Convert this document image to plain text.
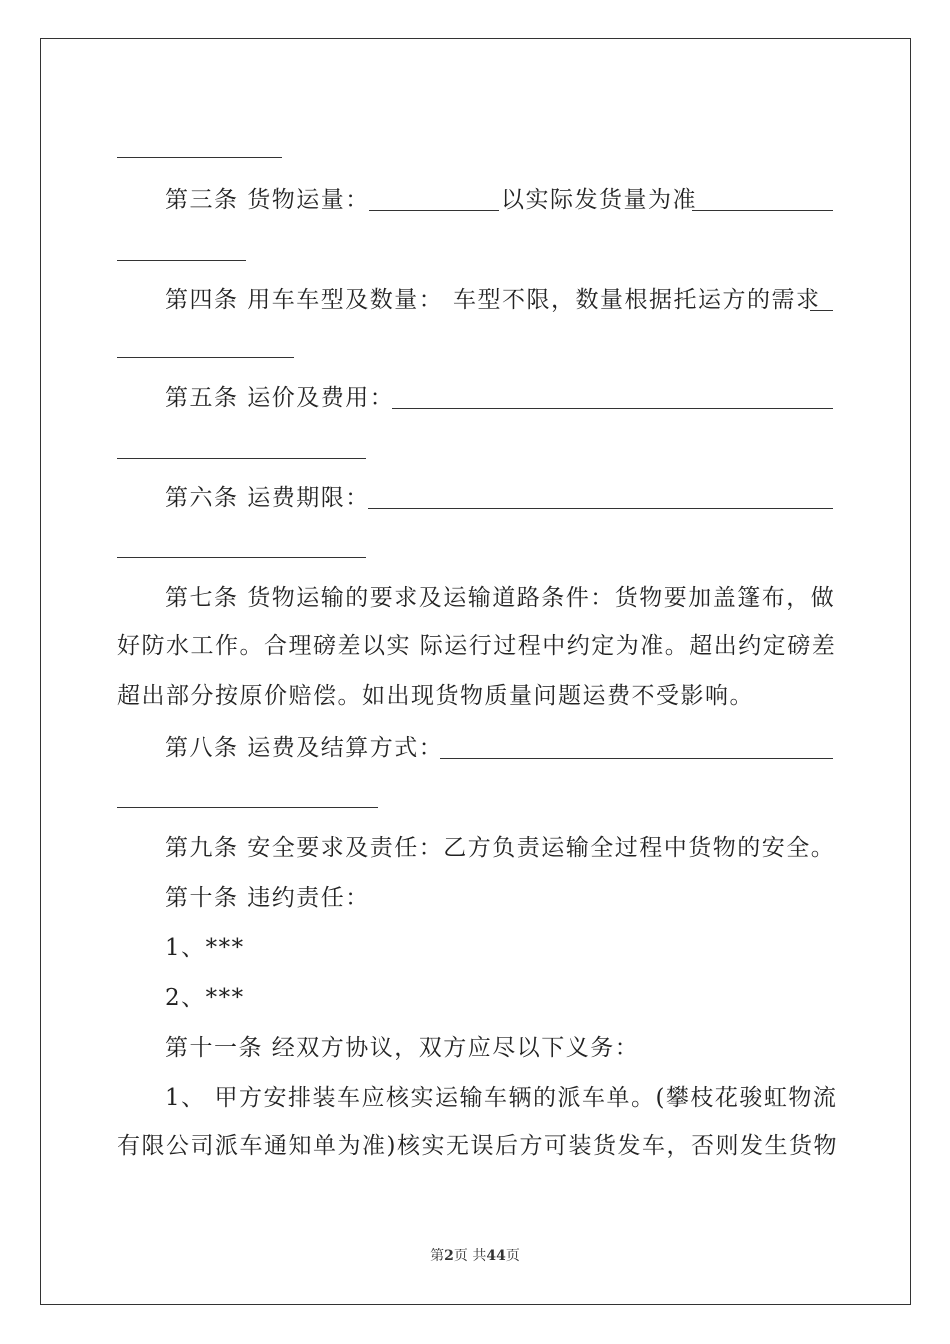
第三条 货物运量：	以实际发货量为准
第四条 用车车型及数量： 车型不限，数量根据托运方的需求
第五条 运价及费用：
第六条 运费期限：
第七条 货物运输的要求及运输道路条件：货物要加盖篷布，做
好防水工作。合理磅差以实 际运行过程中约定为准。超出约定磅差
超出部分按原价赔偿。如出现货物质量问题运费不受影响。
第八条 运费及结算方式：
第九条 安全要求及责任：乙方负责运输全过程中货物的安全。
第十条 违约责任：
1、***
2、***
第十一条 经双方协议，双方应尽以下义务：
1、 甲方安排装车应核实运输车辆的派车单。(攀枝花骏虹物流
有限公司派车通知单为准)核实无误后方可装货发车，否则发生货物
第2页 共44页
